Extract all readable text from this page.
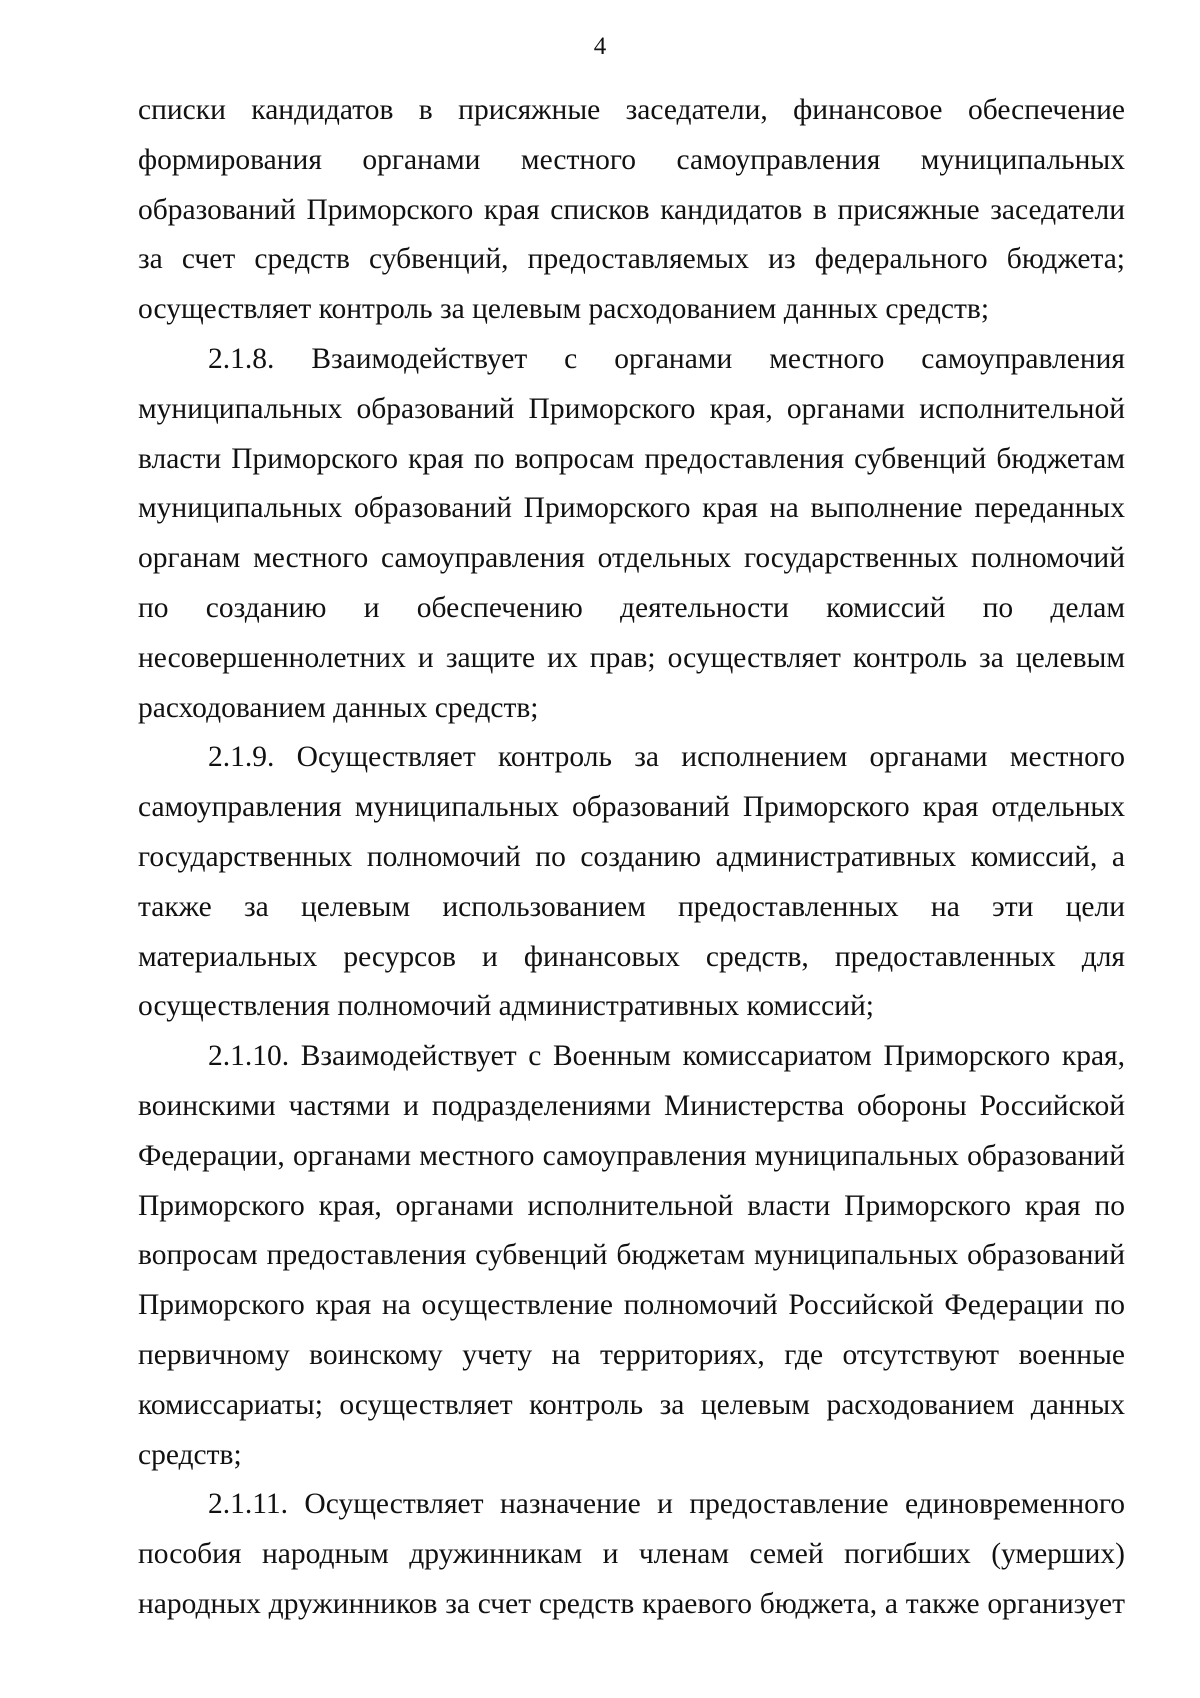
4

списки кандидатов в присяжные заседатели, финансовое обеспечение формирования органами местного самоуправления муниципальных образований Приморского края списков кандидатов в присяжные заседатели за счет средств субвенций, предоставляемых из федерального бюджета; осуществляет контроль за целевым расходованием данных средств;

2.1.8. Взаимодействует с органами местного самоуправления муниципальных образований Приморского края, органами исполнительной власти Приморского края по вопросам предоставления субвенций бюджетам муниципальных образований Приморского края на выполнение переданных органам местного самоуправления отдельных государственных полномочий по созданию и обеспечению деятельности комиссий по делам несовершеннолетних и защите их прав; осуществляет контроль за целевым расходованием данных средств;

2.1.9. Осуществляет контроль за исполнением органами местного самоуправления муниципальных образований Приморского края отдельных государственных полномочий по созданию административных комиссий, а также за целевым использованием предоставленных на эти цели материальных ресурсов и финансовых средств, предоставленных для осуществления полномочий административных комиссий;

2.1.10. Взаимодействует с Военным комиссариатом Приморского края, воинскими частями и подразделениями Министерства обороны Российской Федерации, органами местного самоуправления муниципальных образований Приморского края, органами исполнительной власти Приморского края по вопросам предоставления субвенций бюджетам муниципальных образований Приморского края на осуществление полномочий Российской Федерации по первичному воинскому учету на территориях, где отсутствуют военные комиссариаты; осуществляет контроль за целевым расходованием данных средств;

2.1.11. Осуществляет назначение и предоставление единовременного пособия народным дружинникам и членам семей погибших (умерших) народных дружинников за счет средств краевого бюджета, а также организует
